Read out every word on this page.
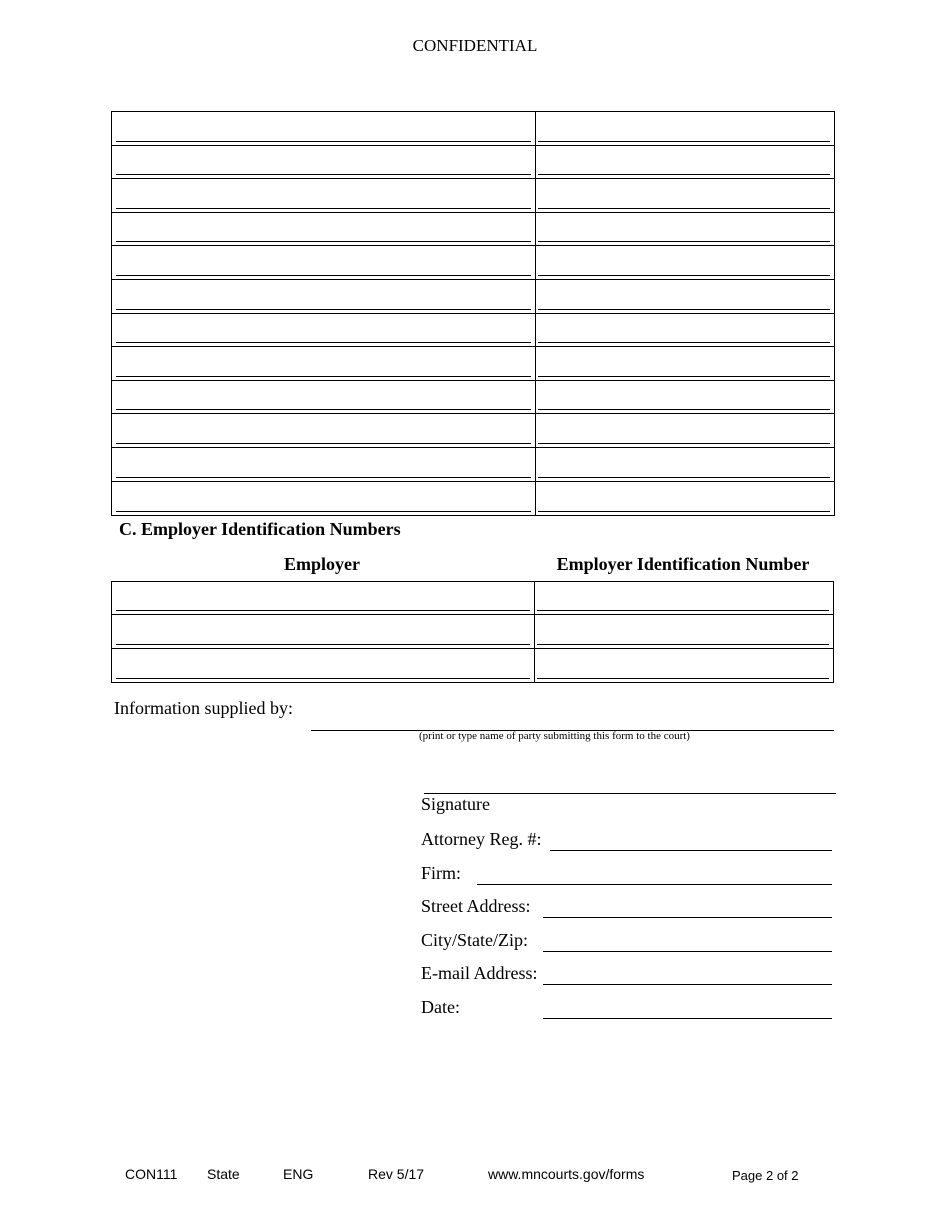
CONFIDENTIAL
C. Employer Identification Numbers
Employer	Employer Identification Number
Information supplied by:
(print or type name of party submitting this form to the court)
Signature
Attorney Reg. #:
Firm:
Street Address:
City/State/Zip:
E-mail Address:
Date:
CON111 State	ENG	Rev 5/17	www.mncourts.gov/forms	Page 2 of 2
